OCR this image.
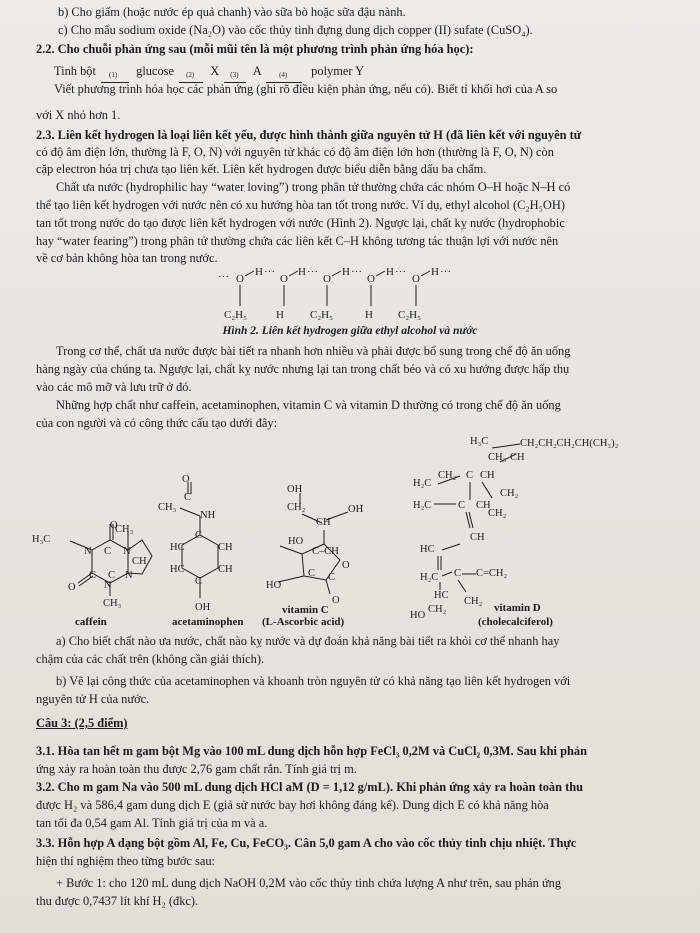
b) Cho giấm (hoặc nước ép quả chanh) vào sữa bò hoặc sữa đậu nành.
c) Cho mẩu sodium oxide (Na₂O) vào cốc thủy tinh đựng dung dịch copper (II) sufate (CuSO₄).
2.2. Cho chuỗi phản ứng sau (mỗi mũi tên là một phương trình phản ứng hóa học):
Tinh bột (1) glucose (2) X (3) A	(4) polymer Y
Viết phương trình hóa học các phản ứng (ghi rõ điều kiện phản ứng, nếu có). Biết tỉ khối hơi của A so
với X nhỏ hơn 1.
2.3. Liên kết hydrogen là loại liên kết yếu, được hình thành giữa nguyên tử H (đã liên kết với nguyên tử
có độ âm điện lớn, thường là F, O, N) với nguyên tử khác có độ âm điện lớn hơn (thường là F, O, N) còn
cặp electron hóa trị chưa tạo liên kết. Liên kết hydrogen được biểu diễn bằng dấu ba chấm.
Chất ưa nước (hydrophilic hay “water loving”) trong phân tử thường chứa các nhóm O–H hoặc N–H có
thể tạo liên kết hydrogen với nước nên có xu hướng hòa tan tốt trong nước. Ví dụ, ethyl alcohol (C₂H₅OH)
tan tốt trong nước do tạo được liên kết hydrogen với nước (Hình 2). Ngược lại, chất kỵ nước (hydrophobic
hay “water fearing”) trong phân tử thường chứa các liên kết C–H không tương tác thuận lợi với nước nên
về cơ bản không hòa tan trong nước.
··· O
H ···
O
H ···
O
H ···
O
H ···
O
H ···
C₂H₅	H C₂H₅	H C₂H₅
Hình 2. Liên kết hydrogen giữa ethyl alcohol và nước
Trong cơ thể, chất ưa nước được bài tiết ra nhanh hơn nhiều và phải được bổ sung trong chế độ ăn uống
hàng ngày của chúng ta. Ngược lại, chất kỵ nước nhưng lại tan trong chất béo và có xu hướng được hấp thụ
vào các mô mỡ và lưu trữ ở đó.
Những hợp chất như caffein, acetaminophen, vitamin C và vitamin D thường có trong chế độ ăn uống
của con người và có công thức cấu tạo dưới đây:
H₃C
O
CH₃
N C N
CH
C C
N
N
O
CH₃
O
CH₃
C
NH
C
HC	CH
HC	CH
C
OH
OH
CH₂
CH
OH
HO
C–CH
O
C C
HO
O
H₃C	CH₂CH₂CH₂CH(CH₃)₂
CH₃ CH
H₂C
CH₂ C CH
CH₂
H₂C	C CH
CH₂
CH
HC
H₂C C C=CH₂
HC
HO
CH₂
CH₂
caffein	acetaminophen
vitamin C
(L-Ascorbic acid)
vitamin D
(cholecalciferol)
a) Cho biết chất nào ưa nước, chất nào kỵ nước và dự đoán khả năng bài tiết ra khỏi cơ thể nhanh hay
chậm của các chất trên (không cần giải thích).
b) Vẽ lại công thức của acetaminophen và khoanh tròn nguyên tử có khả năng tạo liên kết hydrogen với
nguyên tử H của nước.
Câu 3: (2,5 điểm)
3.1. Hòa tan hết m gam bột Mg vào 100 mL dung dịch hỗn hợp FeCl₃ 0,2M và CuCl₂ 0,3M. Sau khi phản
ứng xảy ra hoàn toàn thu được 2,76 gam chất rắn. Tính giá trị m.
3.2. Cho m gam Na vào 500 mL dung dịch HCl aM (D = 1,12 g/mL). Khi phản ứng xảy ra hoàn toàn thu
được H₂ và 586,4 gam dung dịch E (giả sử nước bay hơi không đáng kể). Dung dịch E có khả năng hòa
tan tối đa 0,54 gam Al. Tính giá trị của m và a.
3.3. Hỗn hợp A dạng bột gồm Al, Fe, Cu, FeCO₃. Cân 5,0 gam A cho vào cốc thủy tinh chịu nhiệt. Thực
hiện thí nghiệm theo từng bước sau:
+ Bước 1: cho 120 mL dung dịch NaOH 0,2M vào cốc thủy tinh chứa lượng A như trên, sau phản ứng
thu được 0,7437 lít khí H₂ (đkc).
